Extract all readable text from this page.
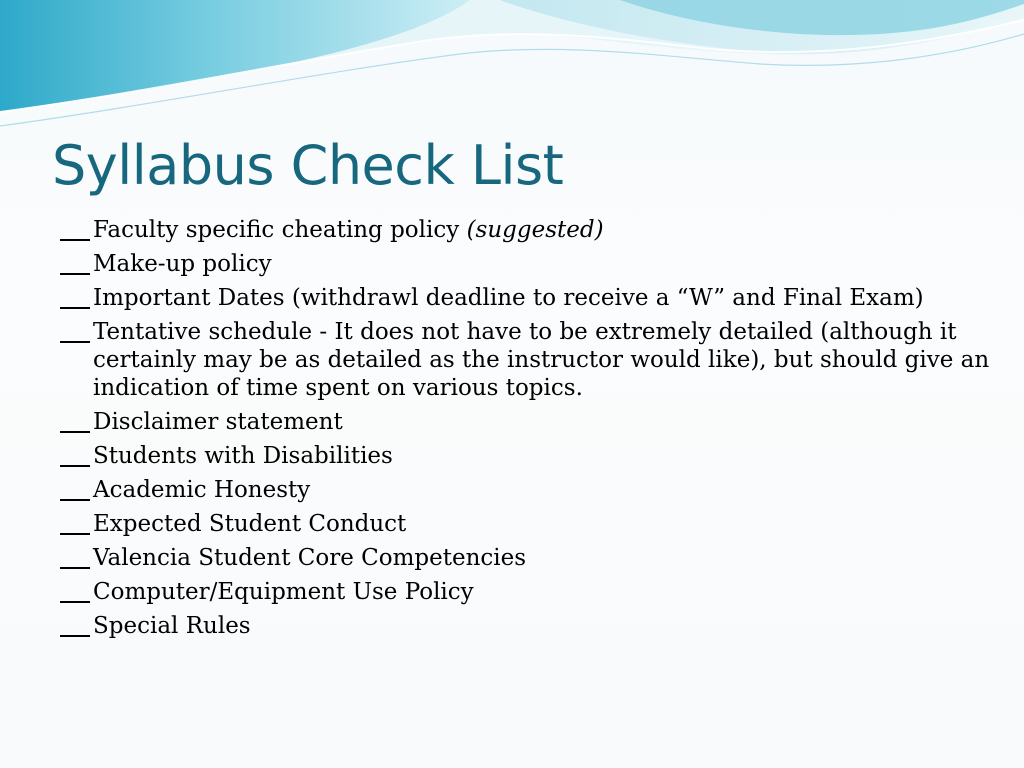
Syllabus Check List
Faculty specific cheating policy (suggested)
Make-up policy
Important Dates (withdrawl deadline to receive a “W” and Final Exam)
Tentative schedule - It does not have to be extremely detailed (although it certainly may be as detailed as the instructor would like), but should give an indication of time spent on various topics.
Disclaimer statement
Students with Disabilities
Academic Honesty
Expected Student Conduct
Valencia Student Core Competencies
Computer/Equipment Use Policy
Special Rules
